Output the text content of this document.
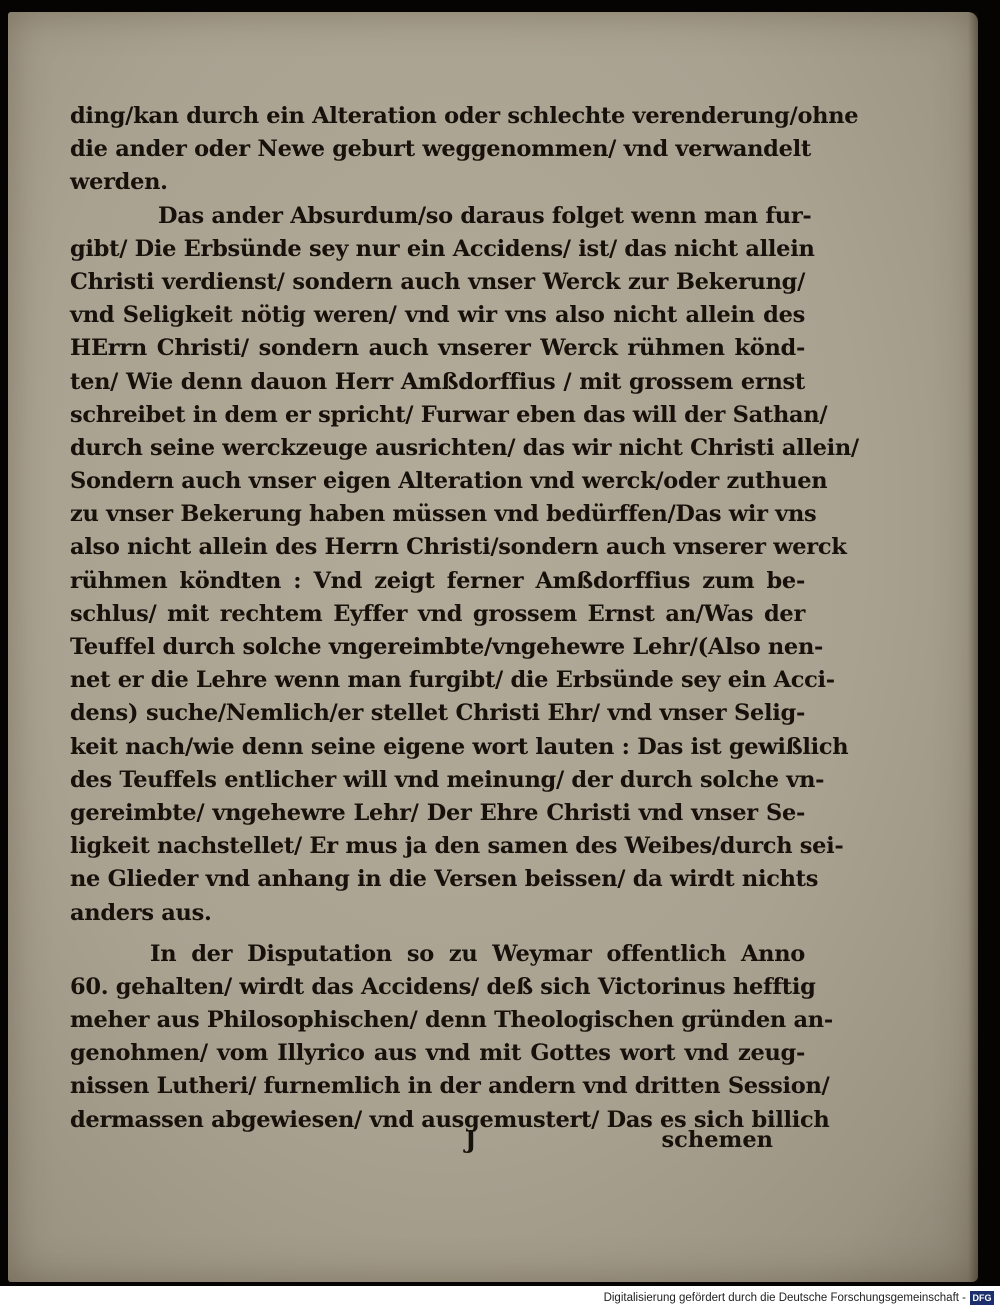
ding/kan durch ein Alteration oder schlechte verenderung/ohne
die ander oder Newe geburt weggenommen/ vnd verwandelt
werden.
Das ander Absurdum/so daraus folget wenn man fur-
gibt/ Die Erbsünde sey nur ein Accidens/ ist/ das nicht allein
Christi verdienst/ sondern auch vnser Werck zur Bekerung/
vnd Seligkeit nötig weren/ vnd wir vns also nicht allein des
HErrn Christi/ sondern auch vnserer Werck rühmen könd-
ten/ Wie denn dauon Herr Amßdorffius / mit grossem ernst
schreibet in dem er spricht/ Furwar eben das will der Sathan/
durch seine werckzeuge ausrichten/ das wir nicht Christi allein/
Sondern auch vnser eigen Alteration vnd werck/oder zuthuen
zu vnser Bekerung haben müssen vnd bedürffen/Das wir vns
also nicht allein des Herrn Christi/sondern auch vnserer werck
rühmen köndten : Vnd zeigt ferner Amßdorffius zum be-
schlus/ mit rechtem Eyffer vnd grossem Ernst an/Was der
Teuffel durch solche vngereimbte/vngehewre Lehr/(Also nen-
net er die Lehre wenn man furgibt/ die Erbsünde sey ein Acci-
dens) suche/Nemlich/er stellet Christi Ehr/ vnd vnser Selig-
keit nach/wie denn seine eigene wort lauten : Das ist gewißlich
des Teuffels entlicher will vnd meinung/ der durch solche vn-
gereimbte/ vngehewre Lehr/ Der Ehre Christi vnd vnser Se-
ligkeit nachstellet/ Er mus ja den samen des Weibes/durch sei-
ne Glieder vnd anhang in die Versen beissen/ da wirdt nichts
anders aus.
In der Disputation so zu Weymar offentlich Anno
60. gehalten/ wirdt das Accidens/ deß sich Victorinus hefftig
meher aus Philosophischen/ denn Theologischen gründen an-
genohmen/ vom Illyrico aus vnd mit Gottes wort vnd zeug-
nissen Lutheri/ furnemlich in der andern vnd dritten Session/
dermassen abgewiesen/ vnd ausgemustert/ Das es sich billich
J	schemen
Digitalisierung gefördert durch die Deutsche Forschungsgemeinschaft - DFG
